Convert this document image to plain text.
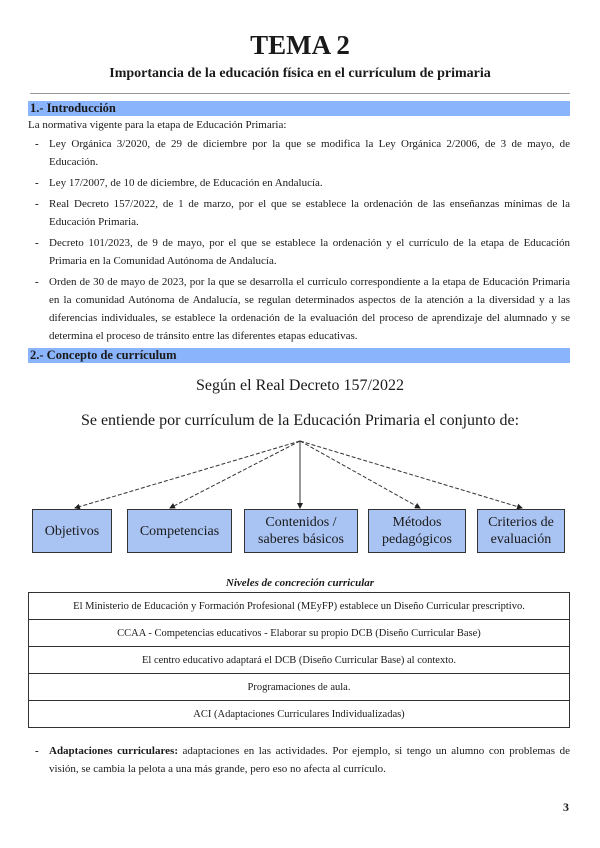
TEMA 2
Importancia de la educación física en el currículum de primaria
1.- Introducción
La normativa vigente para la etapa de Educación Primaria:
- Ley Orgánica 3/2020, de 29 de diciembre por la que se modifica la Ley Orgánica 2/2006, de 3 de mayo, de Educación.
- Ley 17/2007, de 10 de diciembre, de Educación en Andalucía.
- Real Decreto 157/2022, de 1 de marzo, por el que se establece la ordenación de las enseñanzas mínimas de la Educación Primaria.
- Decreto 101/2023, de 9 de mayo, por el que se establece la ordenación y el currículo de la etapa de Educación Primaria en la Comunidad Autónoma de Andalucía.
- Orden de 30 de mayo de 2023, por la que se desarrolla el currículo correspondiente a la etapa de Educación Primaria en la comunidad Autónoma de Andalucía, se regulan determinados aspectos de la atención a la diversidad y a las diferencias individuales, se establece la ordenación de la evaluación del proceso de aprendizaje del alumnado y se determina el proceso de tránsito entre las diferentes etapas educativas.
2.- Concepto de currículum
Según el Real Decreto 157/2022
Se entiende por currículum de la Educación Primaria el conjunto de:
Objetivos	Competencias
Contenidos / saberes básicos
Métodos pedagógicos
Criterios de evaluación
Niveles de concreción curricular
El Ministerio de Educación y Formación Profesional (MEyFP) establece un Diseño Curricular prescriptivo.
CCAA - Competencias educativos - Elaborar su propio DCB (Diseño Curricular Base)
El centro educativo adaptará el DCB (Diseño Curricular Base) al contexto.
Programaciones de aula.
ACI (Adaptaciones Curriculares Individualizadas)
- Adaptaciones curriculares: adaptaciones en las actividades. Por ejemplo, si tengo un alumno con problemas de visión, se cambia la pelota a una más grande, pero eso no afecta al currículo.
3
